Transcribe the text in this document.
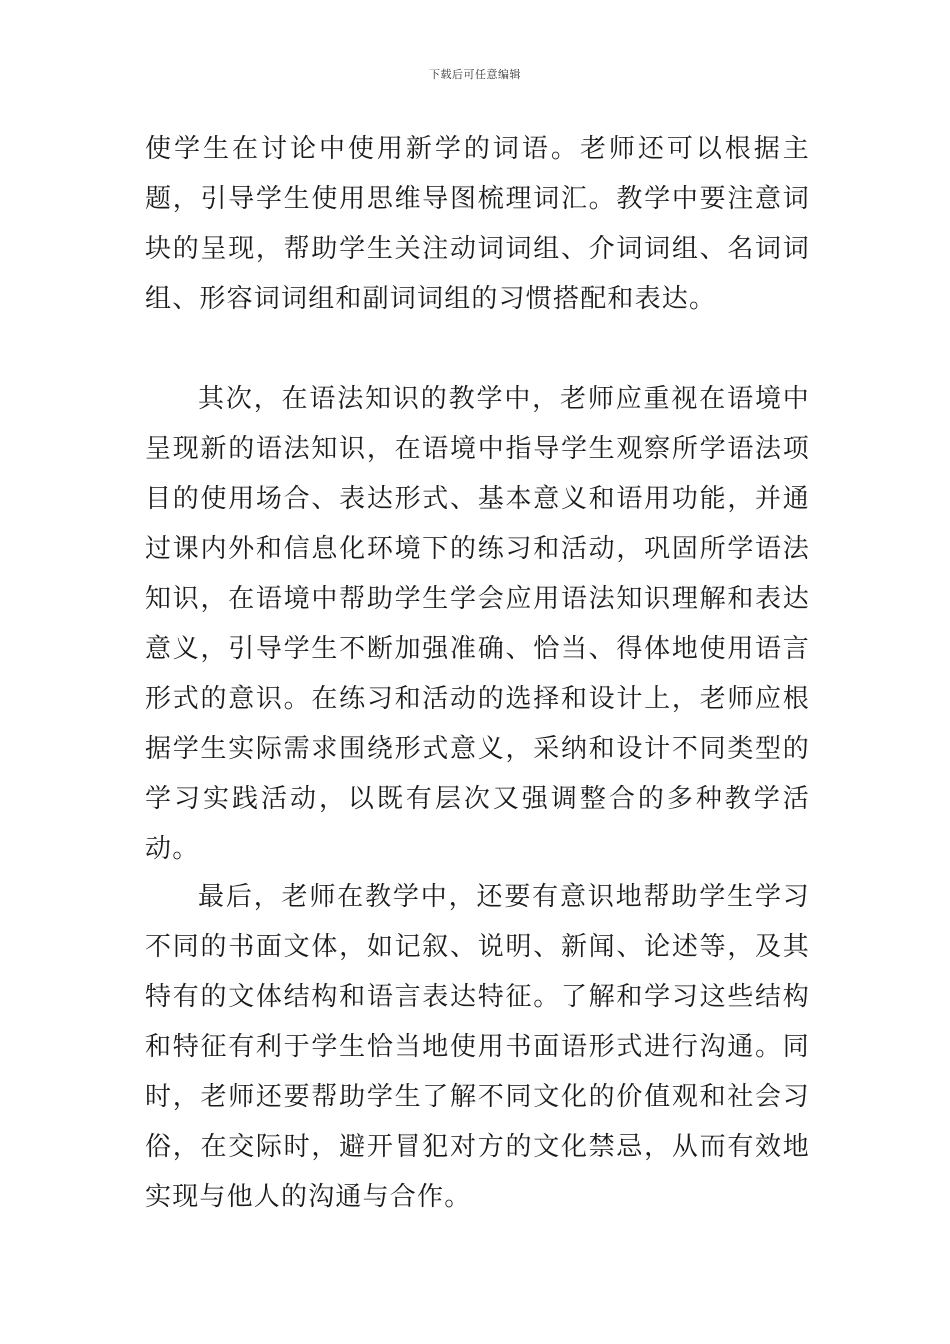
下载后可任意编辑

使学生在讨论中使用新学的词语。老师还可以根据主题，引导学生使用思维导图梳理词汇。教学中要注意词块的呈现，帮助学生关注动词词组、介词词组、名词词组、形容词词组和副词词组的习惯搭配和表达。

其次，在语法知识的教学中，老师应重视在语境中呈现新的语法知识，在语境中指导学生观察所学语法项目的使用场合、表达形式、基本意义和语用功能，并通过课内外和信息化环境下的练习和活动，巩固所学语法知识，在语境中帮助学生学会应用语法知识理解和表达意义，引导学生不断加强准确、恰当、得体地使用语言形式的意识。在练习和活动的选择和设计上，老师应根据学生实际需求围绕形式意义，采纳和设计不同类型的学习实践活动，以既有层次又强调整合的多种教学活动。

最后，老师在教学中，还要有意识地帮助学生学习不同的书面文体，如记叙、说明、新闻、论述等，及其特有的文体结构和语言表达特征。了解和学习这些结构和特征有利于学生恰当地使用书面语形式进行沟通。同时，老师还要帮助学生了解不同文化的价值观和社会习俗，在交际时，避开冒犯对方的文化禁忌，从而有效地实现与他人的沟通与合作。
